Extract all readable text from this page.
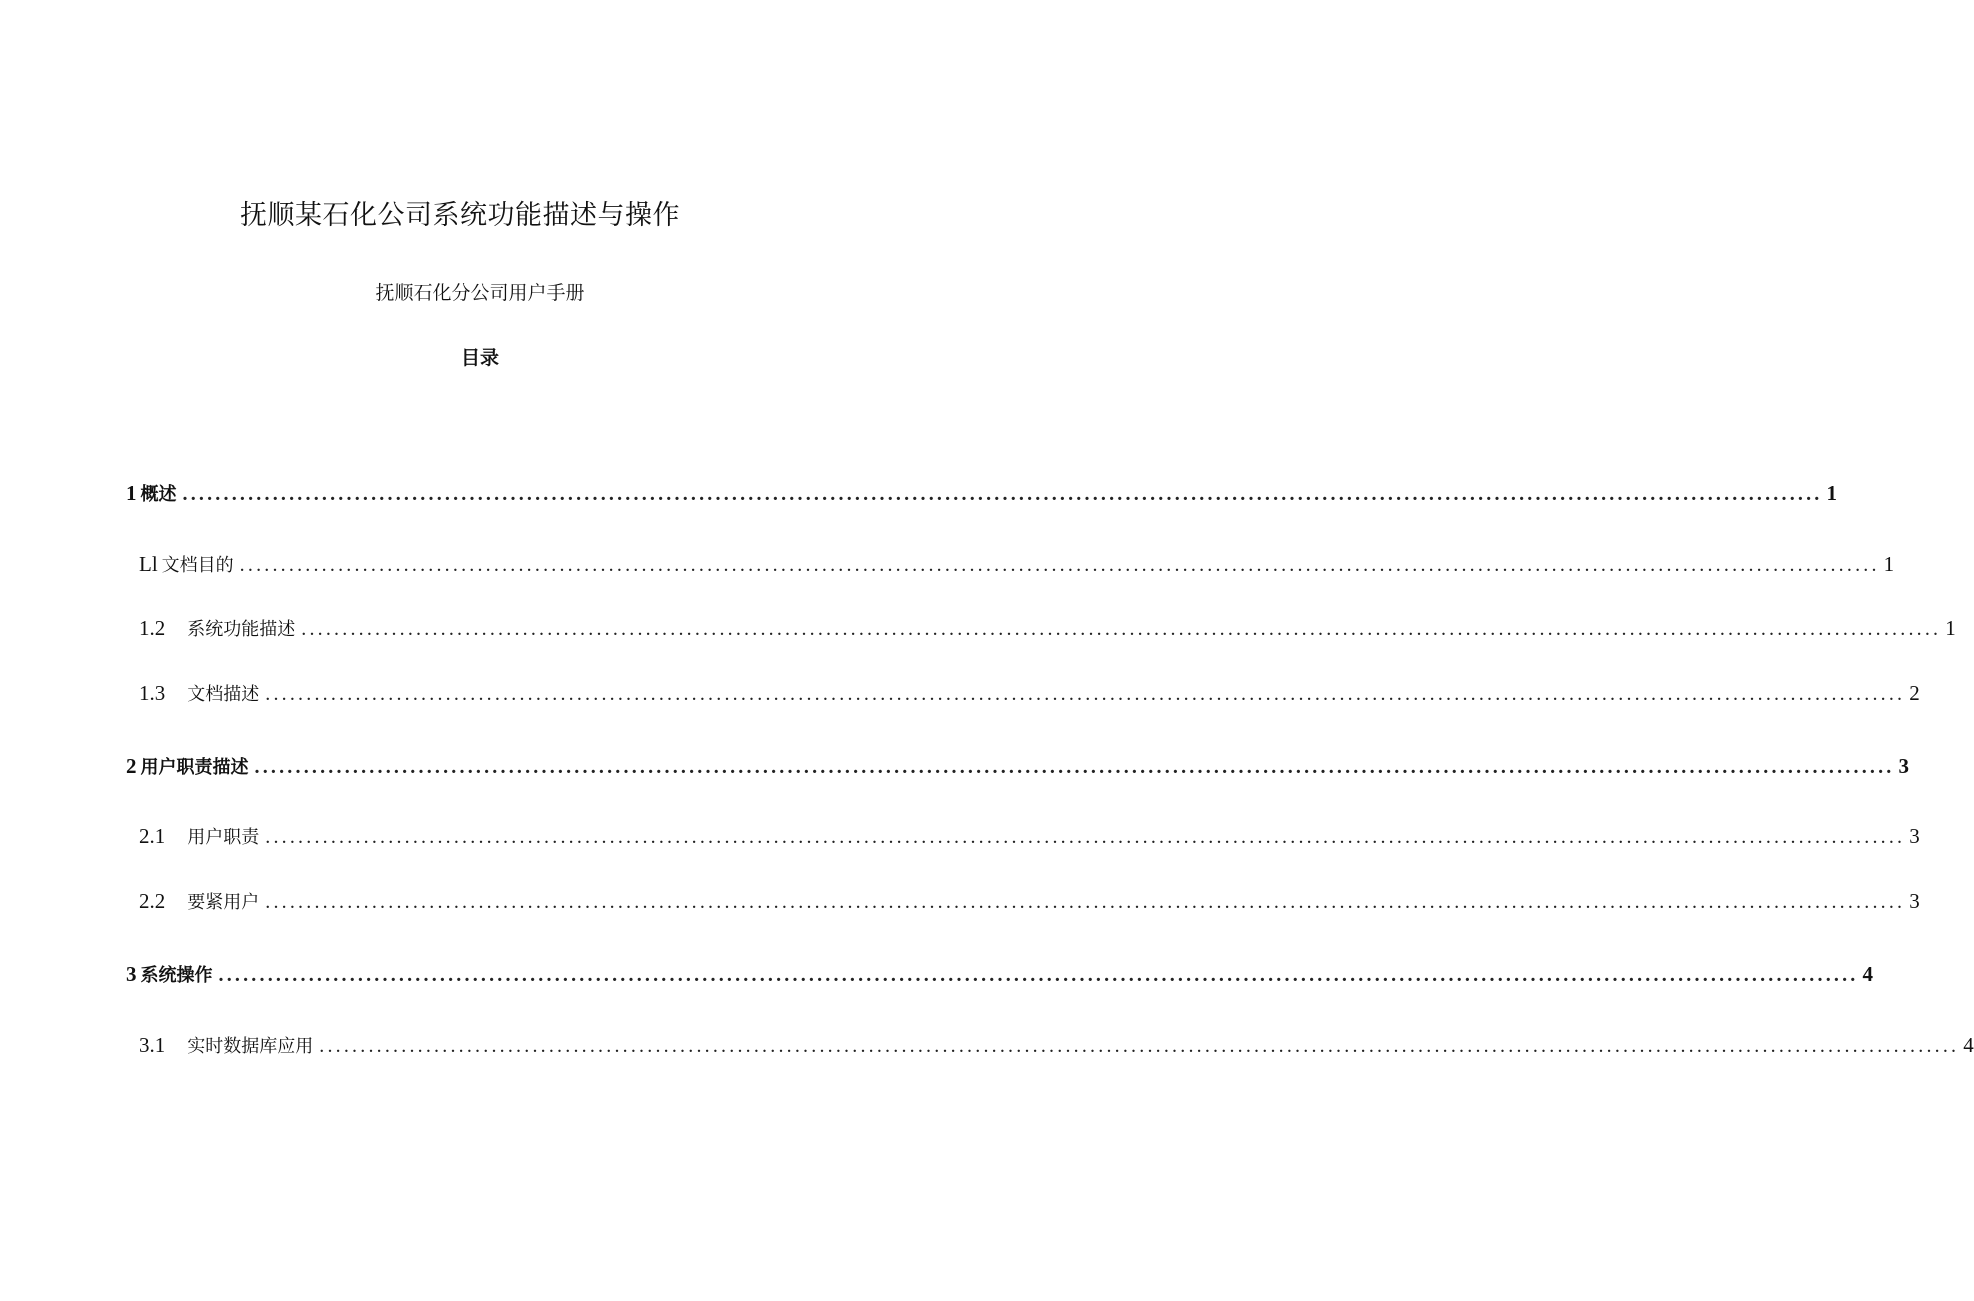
抚顺某石化公司系统功能描述与操作
抚顺石化分公司用户手册
目录
1 概述 ........................................................................................................................................................................................................ 1
Ll 文档目的 ........................................................................................................................................................................................................ 1
1.2 系统功能描述 ........................................................................................................................................................................................................ 1
1.3 文档描述 ........................................................................................................................................................................................................ 2
2 用户职责描述 ........................................................................................................................................................................................................ 3
2.1 用户职责 ........................................................................................................................................................................................................ 3
2.2 要紧用户 ........................................................................................................................................................................................................ 3
3 系统操作 ........................................................................................................................................................................................................ 4
3.1 实时数据库应用 ........................................................................................................................................................................................................ 4
